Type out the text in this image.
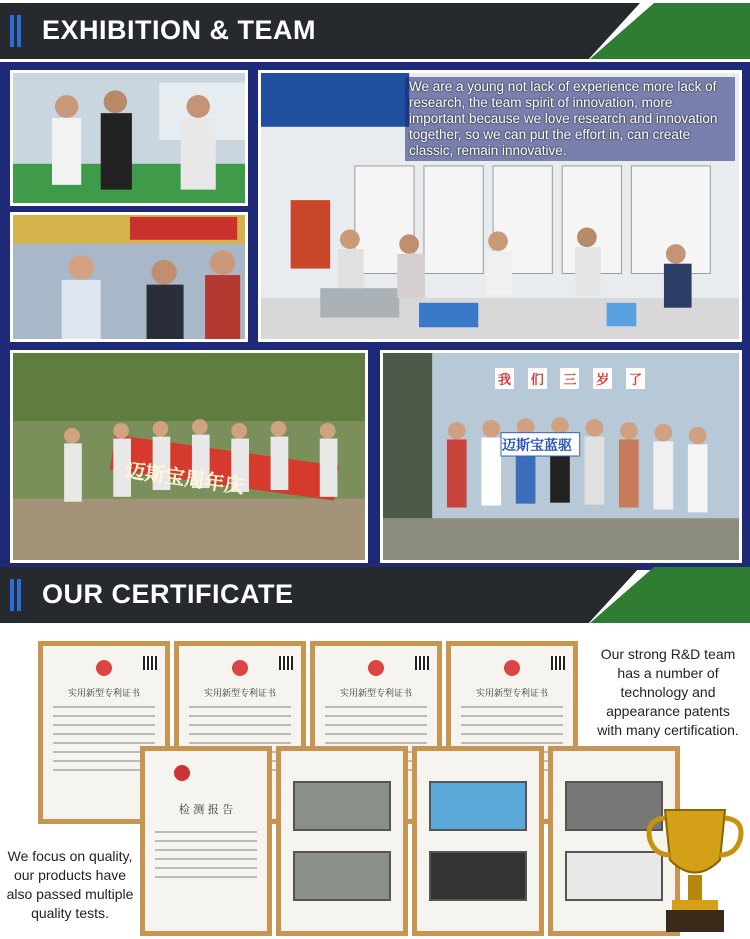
EXHIBITION & TEAM
We are a young not lack of experience more lack of research, the team spirit of innovation, more important because we love research and innovation together, so we can put the effort in, can create classic, remain innovative.
迈斯宝周年庆
迈斯宝蓝驱
我 们 三 岁 了
OUR CERTIFICATE
实用新型专利证书	实用新型专利证书	实用新型专利证书	实用新型专利证书
检 测 报 告
Our strong R&D team
has a number of
technology and
appearance patents
with many certification.
We focus on quality,
our products have
also passed multiple
quality tests.
